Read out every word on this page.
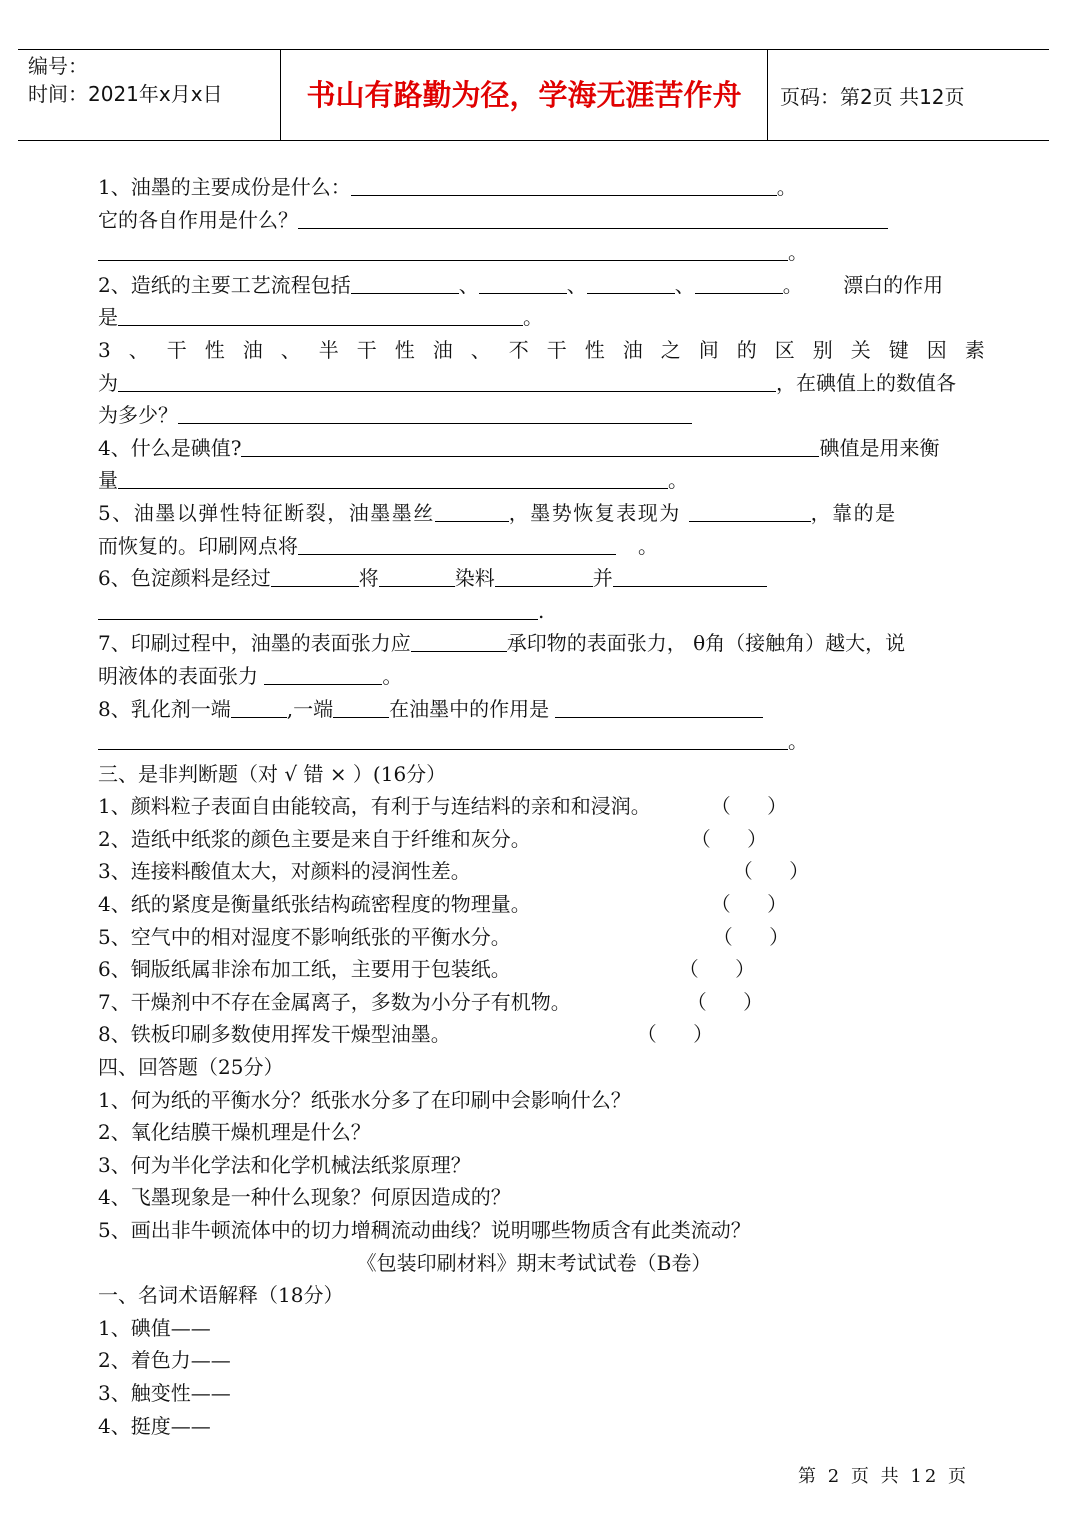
编号：
时间：2021年x月x日	书山有路勤为径，学海无涯苦作舟	页码：第2页 共12页
1、油墨的主要成份是什么：	。
它的各自作用是什么？
。
2、造纸的主要工艺流程包括	、	、	、	。 漂白的作用
是	。
3、干性油、半干性油、不干性油之间的区别关键因素
为	，在碘值上的数值各
为多少？
4、什么是碘值?	碘值是用来衡
量	。
5、油墨以弹性特征断裂，油墨墨丝	，墨势恢复表现为	，靠的是
而恢复的。印刷网点将	。
6、色淀颜料是经过	将	染料	并
.
7、印刷过程中，油墨的表面张力应	承印物的表面张力， θ角（接触角）越大，说
明液体的表面张力	。
8、乳化剂一端	,一端	在油墨中的作用是
。
三、是非判断题（对 √ 错 × ）(16分）
1、颜料粒子表面自由能较高，有利于与连结料的亲和和浸润。	（ ）
2、造纸中纸浆的颜色主要是来自于纤维和灰分。	（ ）
3、连接料酸值太大，对颜料的浸润性差。	（ ）
4、纸的紧度是衡量纸张结构疏密程度的物理量。	（ ）
5、空气中的相对湿度不影响纸张的平衡水分。	（ ）
6、铜版纸属非涂布加工纸，主要用于包装纸。	（ ）
7、干燥剂中不存在金属离子，多数为小分子有机物。	（ ）
8、铁板印刷多数使用挥发干燥型油墨。	（ ）
四、回答题（25分）
1、何为纸的平衡水分？纸张水分多了在印刷中会影响什么？
2、氧化结膜干燥机理是什么？
3、何为半化学法和化学机械法纸浆原理？
4、飞墨现象是一种什么现象？何原因造成的？
5、画出非牛顿流体中的切力增稠流动曲线？说明哪些物质含有此类流动？
《包装印刷材料》期末考试试卷（B卷）
一、名词术语解释（18分）
1、碘值——
2、着色力——
3、触变性——
4、挺度——
第 2 页 共 12 页
